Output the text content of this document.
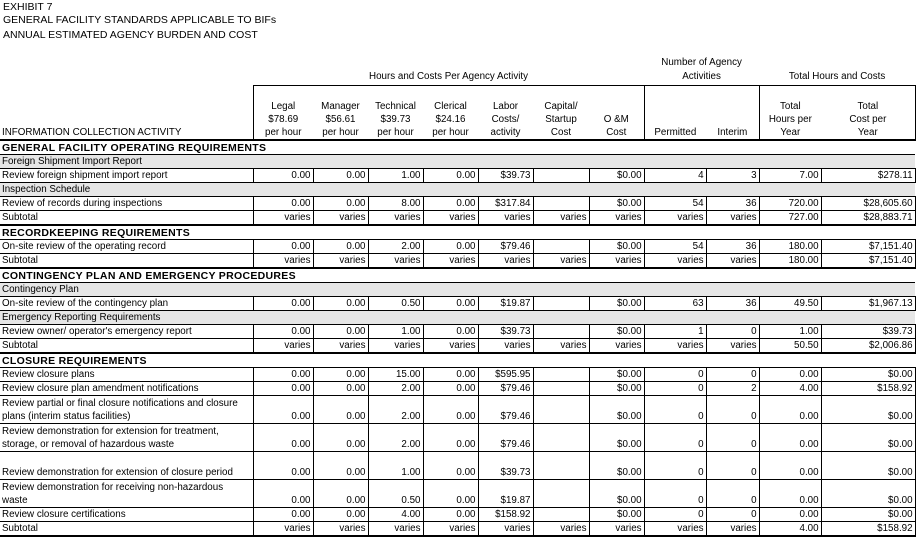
EXHIBIT 7
GENERAL FACILITY STANDARDS APPLICABLE TO BIFs
ANNUAL ESTIMATED AGENCY BURDEN AND COST
								Number of Agency			
	Hours and Costs Per Agency Activity							Activities		Total Hours and Costs	

	Legal	Manager	Technical	Clerical	Labor	Capital/				Total	Total
	$78.69	$56.61	$39.73	$24.16	Costs/	Startup	O &M			Hours per	Cost per
INFORMATION COLLECTION ACTIVITY	per hour	per hour	per hour	per hour	activity	Cost	Cost	Permitted	Interim	Year	Year
GENERAL FACILITY OPERATING REQUIREMENTS											
Foreign Shipment Import Report											
Review foreign shipment import report	0.00	0.00	1.00	0.00	$39.73		$0.00	4	3	7.00	$278.11
Inspection Schedule											
Review of records during inspections	0.00	0.00	8.00	0.00	$317.84		$0.00	54	36	720.00	$28,605.60
Subtotal	varies	varies	varies	varies	varies	varies	varies	varies	varies	727.00	$28,883.71
RECORDKEEPING REQUIREMENTS											
On-site review of the operating record	0.00	0.00	2.00	0.00	$79.46		$0.00	54	36	180.00	$7,151.40
Subtotal	varies	varies	varies	varies	varies	varies	varies	varies	varies	180.00	$7,151.40
CONTINGENCY PLAN AND EMERGENCY PROCEDURES											
Contingency Plan											
On-site review of the contingency plan	0.00	0.00	0.50	0.00	$19.87		$0.00	63	36	49.50	$1,967.13
Emergency Reporting Requirements											
Review owner/ operator's emergency report	0.00	0.00	1.00	0.00	$39.73		$0.00	1	0	1.00	$39.73
Subtotal	varies	varies	varies	varies	varies	varies	varies	varies	varies	50.50	$2,006.86
CLOSURE REQUIREMENTS											
Review closure plans	0.00	0.00	15.00	0.00	$595.95		$0.00	0	0	0.00	$0.00
Review closure plan amendment notifications	0.00	0.00	2.00	0.00	$79.46		$0.00	0	2	4.00	$158.92
Review partial or final closure notifications and closure plans (interim status facilities)	0.00	0.00	2.00	0.00	$79.46		$0.00	0	0	0.00	$0.00
Review demonstration for extension for treatment, storage, or removal of hazardous waste	0.00	0.00	2.00	0.00	$79.46		$0.00	0	0	0.00	$0.00
Review demonstration for extension of closure period	0.00	0.00	1.00	0.00	$39.73		$0.00	0	0	0.00	$0.00
Review demonstration for receiving non-hazardous waste	0.00	0.00	0.50	0.00	$19.87		$0.00	0	0	0.00	$0.00
Review closure certifications	0.00	0.00	4.00	0.00	$158.92		$0.00	0	0	0.00	$0.00
Subtotal	varies	varies	varies	varies	varies	varies	varies	varies	varies	4.00	$158.92
